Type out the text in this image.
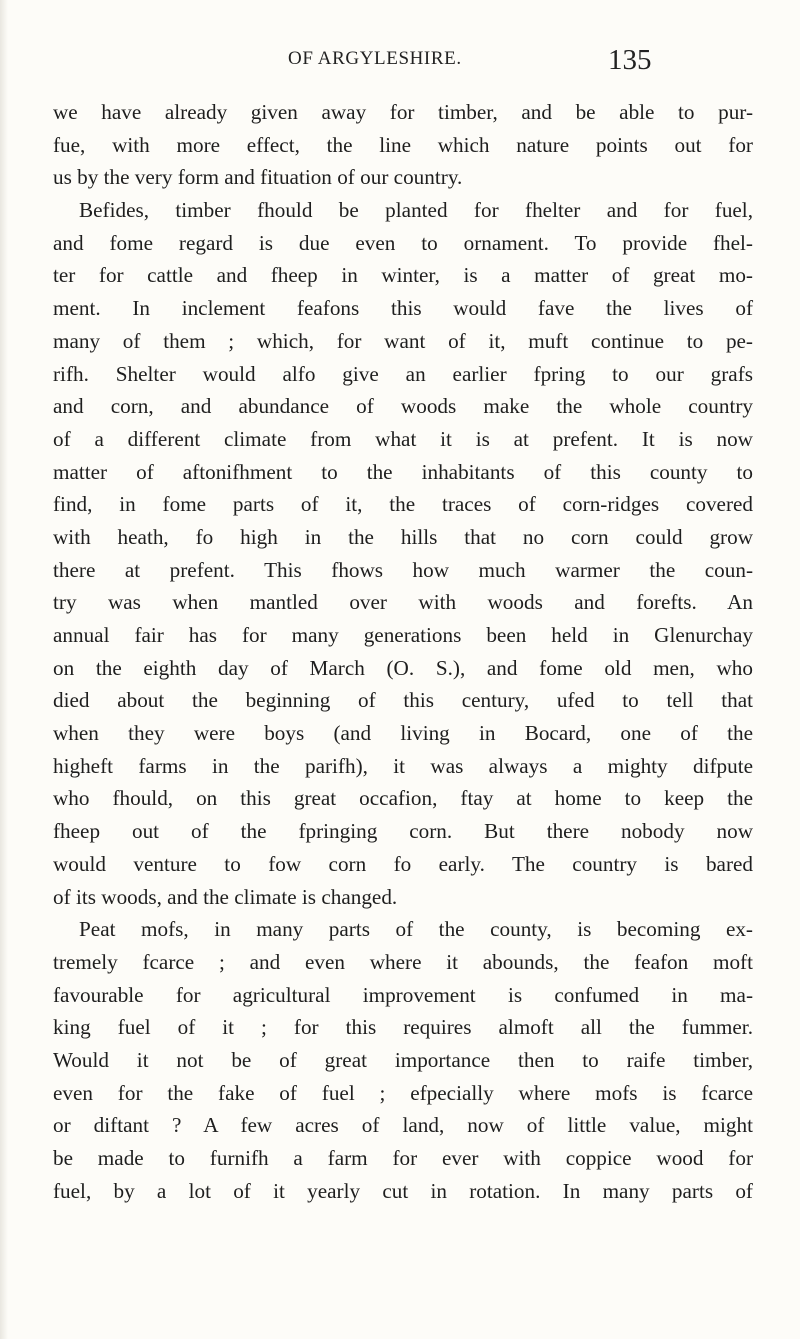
OF ARGYLESHIRE.	135
we have already given away for timber, and be able to pur-
fue, with more effect, the line which nature points out for
us by the very form and fituation of our country.
Befides, timber fhould be planted for fhelter and for fuel,
and fome regard is due even to ornament. To provide fhel-
ter for cattle and fheep in winter, is a matter of great mo-
ment. In inclement feafons this would fave the lives of
many of them ; which, for want of it, muft continue to pe-
rifh. Shelter would alfo give an earlier fpring to our grafs
and corn, and abundance of woods make the whole country
of a different climate from what it is at prefent. It is now
matter of aftonifhment to the inhabitants of this county to
find, in fome parts of it, the traces of corn-ridges covered
with heath, fo high in the hills that no corn could grow
there at prefent. This fhows how much warmer the coun-
try was when mantled over with woods and forefts. An
annual fair has for many generations been held in Glenurchay
on the eighth day of March (O. S.), and fome old men, who
died about the beginning of this century, ufed to tell that
when they were boys (and living in Bocard, one of the
higheft farms in the parifh), it was always a mighty difpute
who fhould, on this great occafion, ftay at home to keep the
fheep out of the fpringing corn. But there nobody now
would venture to fow corn fo early. The country is bared
of its woods, and the climate is changed.
Peat mofs, in many parts of the county, is becoming ex-
tremely fcarce ; and even where it abounds, the feafon moft
favourable for agricultural improvement is confumed in ma-
king fuel of it ; for this requires almoft all the fummer.
Would it not be of great importance then to raife timber,
even for the fake of fuel ; efpecially where mofs is fcarce
or diftant ? A few acres of land, now of little value, might
be made to furnifh a farm for ever with coppice wood for
fuel, by a lot of it yearly cut in rotation. In many parts of
